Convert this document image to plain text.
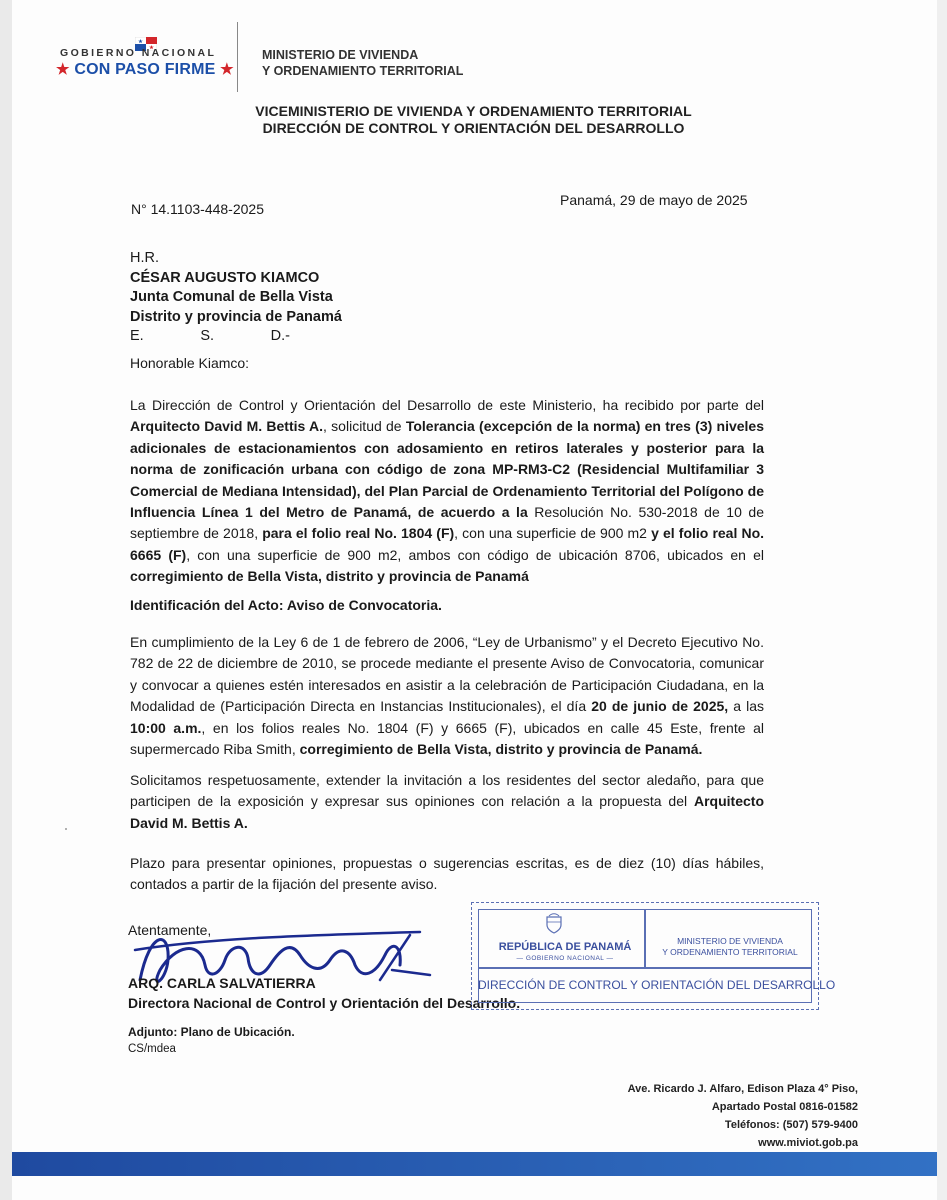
GOBIERNO NACIONAL
★ CON PASO FIRME ★
MINISTERIO DE VIVIENDA
Y ORDENAMIENTO TERRITORIAL
VICEMINISTERIO DE VIVIENDA Y ORDENAMIENTO TERRITORIAL
DIRECCIÓN DE CONTROL Y ORIENTACIÓN DEL DESARROLLO
N° 14.1103-448-2025
Panamá, 29 de mayo de 2025
H.R.
CÉSAR AUGUSTO KIAMCO
Junta Comunal de Bella Vista
Distrito y provincia de Panamá
E.	S.	D.-
Honorable Kiamco:
La Dirección de Control y Orientación del Desarrollo de este Ministerio, ha recibido por parte del Arquitecto David M. Bettis A., solicitud de Tolerancia (excepción de la norma) en tres (3) niveles adicionales de estacionamientos con adosamiento en retiros laterales y posterior para la norma de zonificación urbana con código de zona MP-RM3-C2 (Residencial Multifamiliar 3 Comercial de Mediana Intensidad), del Plan Parcial de Ordenamiento Territorial del Polígono de Influencia Línea 1 del Metro de Panamá, de acuerdo a la Resolución No. 530-2018 de 10 de septiembre de 2018, para el folio real No. 1804 (F), con una superficie de 900 m2 y el folio real No. 6665 (F), con una superficie de 900 m2, ambos con código de ubicación 8706, ubicados en el corregimiento de Bella Vista, distrito y provincia de Panamá
Identificación del Acto: Aviso de Convocatoria.
En cumplimiento de la Ley 6 de 1 de febrero de 2006, “Ley de Urbanismo” y el Decreto Ejecutivo No. 782 de 22 de diciembre de 2010, se procede mediante el presente Aviso de Convocatoria, comunicar y convocar a quienes estén interesados en asistir a la celebración de Participación Ciudadana, en la Modalidad de (Participación Directa en Instancias Institucionales), el día 20 de junio de 2025, a las 10:00 a.m., en los folios reales No. 1804 (F) y 6665 (F), ubicados en calle 45 Este, frente al supermercado Riba Smith, corregimiento de Bella Vista, distrito y provincia de Panamá.
Solicitamos respetuosamente, extender la invitación a los residentes del sector aledaño, para que participen de la exposición y expresar sus opiniones con relación a la propuesta del Arquitecto David M. Bettis A.
Plazo para presentar opiniones, propuestas o sugerencias escritas, es de diez (10) días hábiles, contados a partir de la fijación del presente aviso.
Atentamente,
ARQ. CARLA SALVATIERRA
Directora Nacional de Control y Orientación del Desarrollo.
Adjunto: Plano de Ubicación.
CS/mdea
REPÚBLICA DE PANAMÁ
— GOBIERNO NACIONAL —
MINISTERIO DE VIVIENDA
Y ORDENAMIENTO TERRITORIAL
DIRECCIÓN DE CONTROL Y ORIENTACIÓN DEL DESARROLLO
Ave. Ricardo J. Alfaro, Edison Plaza 4° Piso,
Apartado Postal 0816-01582
Teléfonos: (507) 579-9400
www.miviot.gob.pa
